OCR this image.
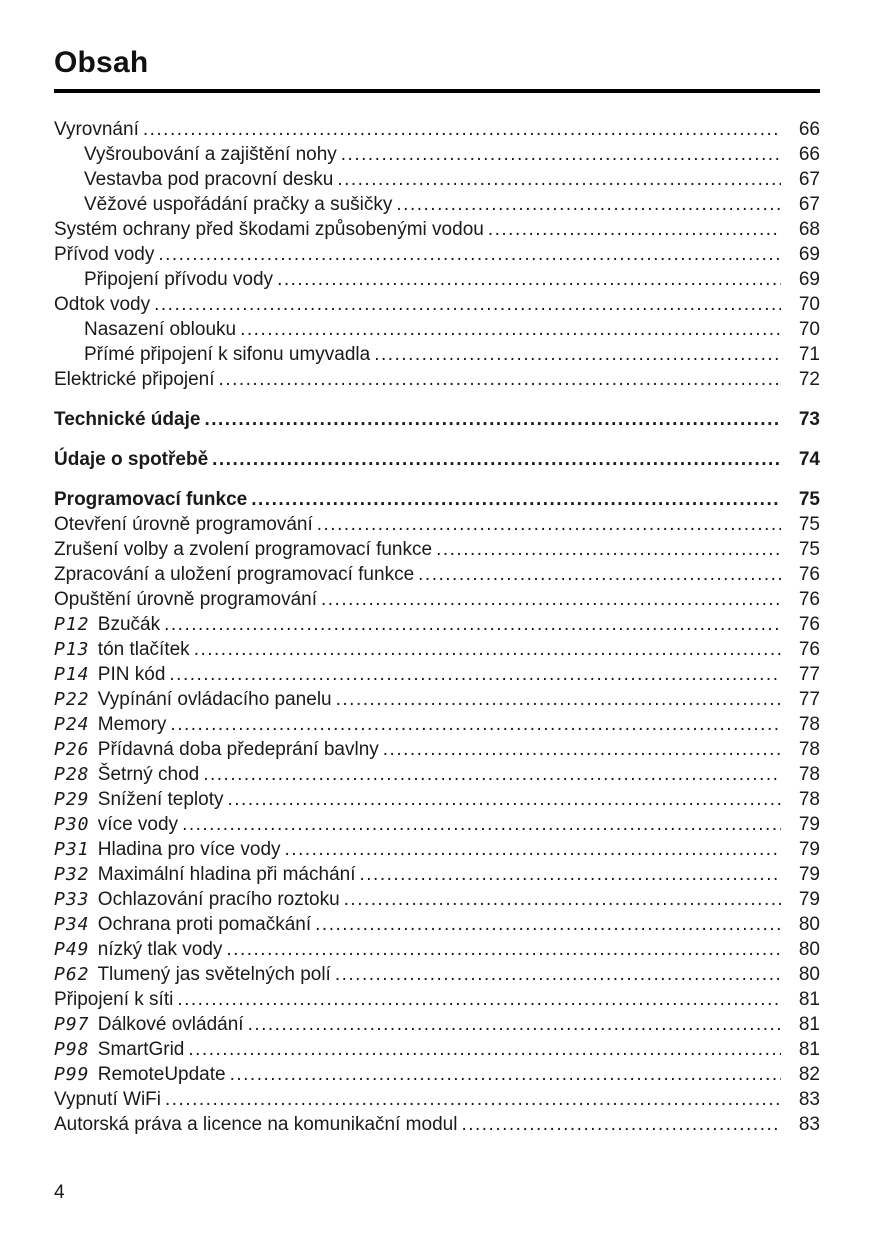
Obsah
Vyrovnání .....	66
Vyšroubování a zajištění nohy .....	66
Vestavba pod pracovní desku .....	67
Věžové uspořádání pračky a sušičky .....	67
Systém ochrany před škodami způsobenými vodou .....	68
Přívod vody .....	69
Připojení přívodu vody .....	69
Odtok vody .....	70
Nasazení oblouku .....	70
Přímé připojení k sifonu umyvadla .....	71
Elektrické připojení .....	72
Technické údaje .....	73
Údaje o spotřebě .....	74
Programovací funkce .....	75
Otevření úrovně programování .....	75
Zrušení volby a zvolení programovací funkce .....	75
Zpracování a uložení programovací funkce .....	76
Opuštění úrovně programování .....	76
P12 Bzučák .....	76
P13 tón tlačítek .....	76
P14 PIN kód .....	77
P22 Vypínání ovládacího panelu .....	77
P24 Memory .....	78
P26 Přídavná doba předeprání bavlny .....	78
P28 Šetrný chod .....	78
P29 Snížení teploty .....	78
P30 více vody .....	79
P31 Hladina pro více vody .....	79
P32 Maximální hladina při máchání .....	79
P33 Ochlazování pracího roztoku .....	79
P34 Ochrana proti pomačkání .....	80
P49 nízký tlak vody .....	80
P62 Tlumený jas světelných polí .....	80
Připojení k síti .....	81
P97 Dálkové ovládání .....	81
P98 SmartGrid .....	81
P99 RemoteUpdate .....	82
Vypnutí WiFi .....	83
Autorská práva a licence na komunikační modul .....	83
4
